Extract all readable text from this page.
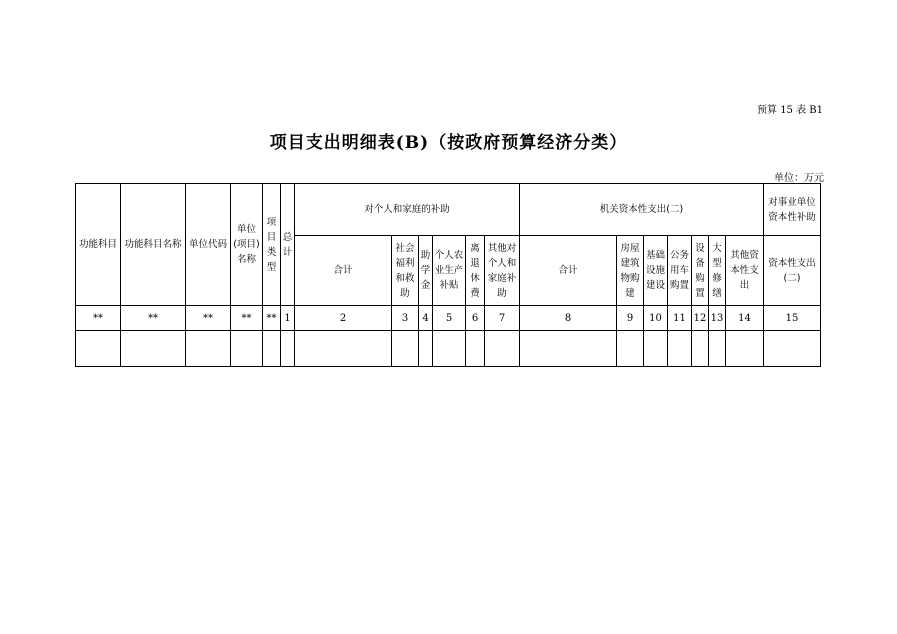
预算 15 表 B1
项目支出明细表(B)（按政府预算经济分类）
单位：万元
功能科目	功能科目名称	单位代码	单位(项目)名称	项目类型	总计	对个人和家庭的补助						机关资本性支出(二)							对事业单位资本性补助
						合计	社会福利和救助	助学金	个人农业生产补贴	离退休费	其他对个人和家庭补助	合计	房屋建筑物购建	基础设施建设	公务用车购置	设备购置	大型修缮	其他资本性支出	资本性支出(二)
**	**	**	**	**	1	2	3	4	5	6	7	8	9	10	11	12	13	14	15
